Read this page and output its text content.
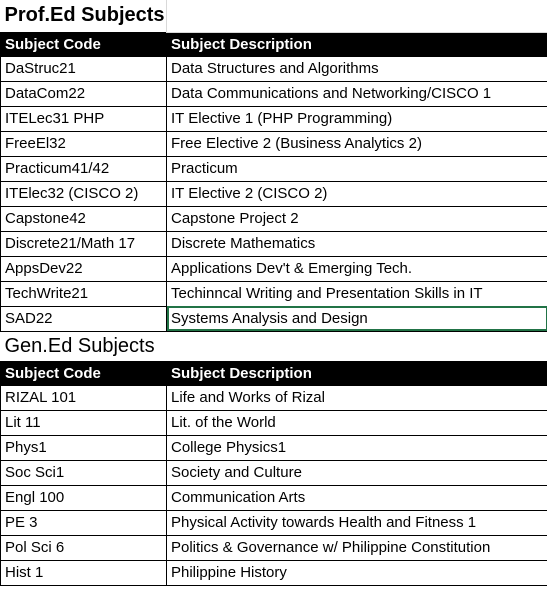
Prof.Ed Subjects	
Subject Code	Subject Description
DaStruc21	Data Structures and Algorithms
DataCom22	Data Communications and Networking/CISCO 1
ITELec31 PHP	IT Elective 1 (PHP Programming)
FreeEl32	Free Elective 2 (Business Analytics 2)
Practicum41/42	Practicum
ITElec32 (CISCO 2)	IT Elective 2 (CISCO 2)
Capstone42	Capstone Project 2
Discrete21/Math 17	Discrete Mathematics
AppsDev22	Applications Dev't & Emerging Tech.
TechWrite21	Techinncal Writing and Presentation Skills in IT
SAD22	Systems Analysis and Design
Gen.Ed Subjects	
Subject Code	Subject Description
RIZAL 101	Life and Works of Rizal
Lit 11	Lit. of the World
Phys1	College Physics1
Soc Sci1	Society and Culture
Engl 100	Communication Arts
PE 3	Physical Activity towards Health and Fitness 1
Pol Sci 6	Politics & Governance w/ Philippine Constitution
Hist 1	Philippine History
